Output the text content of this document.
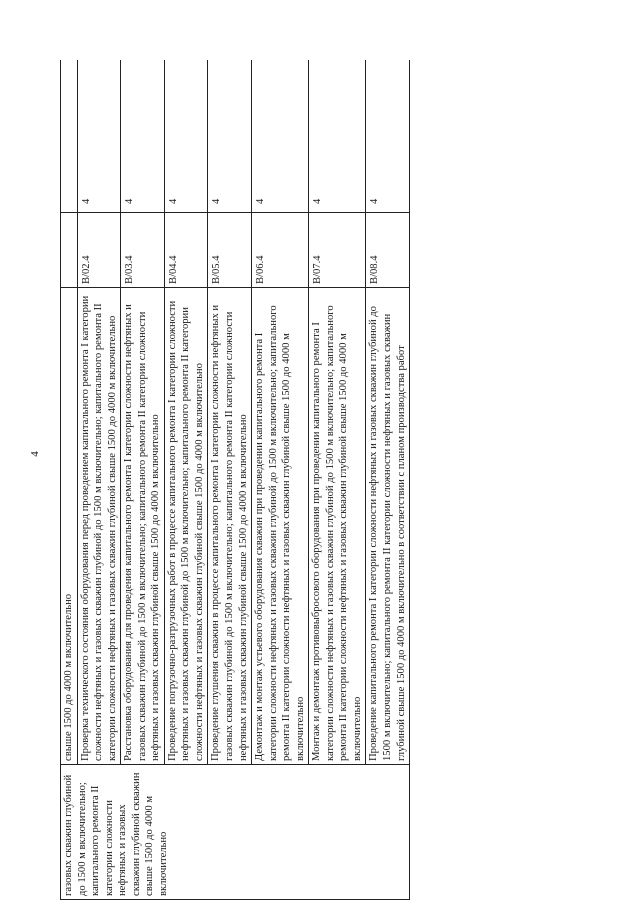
4
газовых скважин глубиной до 1500 м включительно; капитального ремонта II категории сложности нефтяных и газовых скважин глубиной скважин свыше 1500 до 4000 м включительно	свыше 1500 до 4000 м включительно		
	Проверка технического состояния оборудования перед проведением капитального ремонта I категории сложности нефтяных и газовых скважин глубиной до 1500 м включительно; капитального ремонта II категории сложности нефтяных и газовых скважин глубиной свыше 1500 до 4000 м включительно	B/02.4	4
	Расстановка оборудования для проведения капитального ремонта I категории сложности нефтяных и газовых скважин глубиной до 1500 м включительно; капитального ремонта II категории сложности нефтяных и газовых скважин глубиной свыше 1500 до 4000 м включительно	B/03.4	4
	Проведение погрузочно-разгрузочных работ в процессе капитального ремонта I категории сложности нефтяных и газовых скважин глубиной до 1500 м включительно; капитального ремонта II категории сложности нефтяных и газовых скважин глубиной свыше 1500 до 4000 м включительно	B/04.4	4
	Проведение глушения скважин в процессе капитального ремонта I категории сложности нефтяных и газовых скважин глубиной до 1500 м включительно; капитального ремонта II категории сложности нефтяных и газовых скважин глубиной свыше 1500 до 4000 м включительно	B/05.4	4
	Демонтаж и монтаж устьевого оборудования скважин при проведении капитального ремонта I категории сложности нефтяных и газовых скважин глубиной до 1500 м включительно; капитального ремонта II категории сложности нефтяных и газовых скважин глубиной свыше 1500 до 4000 м включительно	B/06.4	4
	Монтаж и демонтаж противовыбросового оборудования при проведении капитального ремонта I категории сложности нефтяных и газовых скважин глубиной до 1500 м включительно; капитального ремонта II категории сложности нефтяных и газовых скважин глубиной свыше 1500 до 4000 м включительно	B/07.4	4
	Проведение капитального ремонта I категории сложности нефтяных и газовых скважин глубиной до 1500 м включительно; капитального ремонта II категории сложности нефтяных и газовых скважин глубиной свыше 1500 до 4000 м включительно в соответствии с планом производства работ	B/08.4	4
